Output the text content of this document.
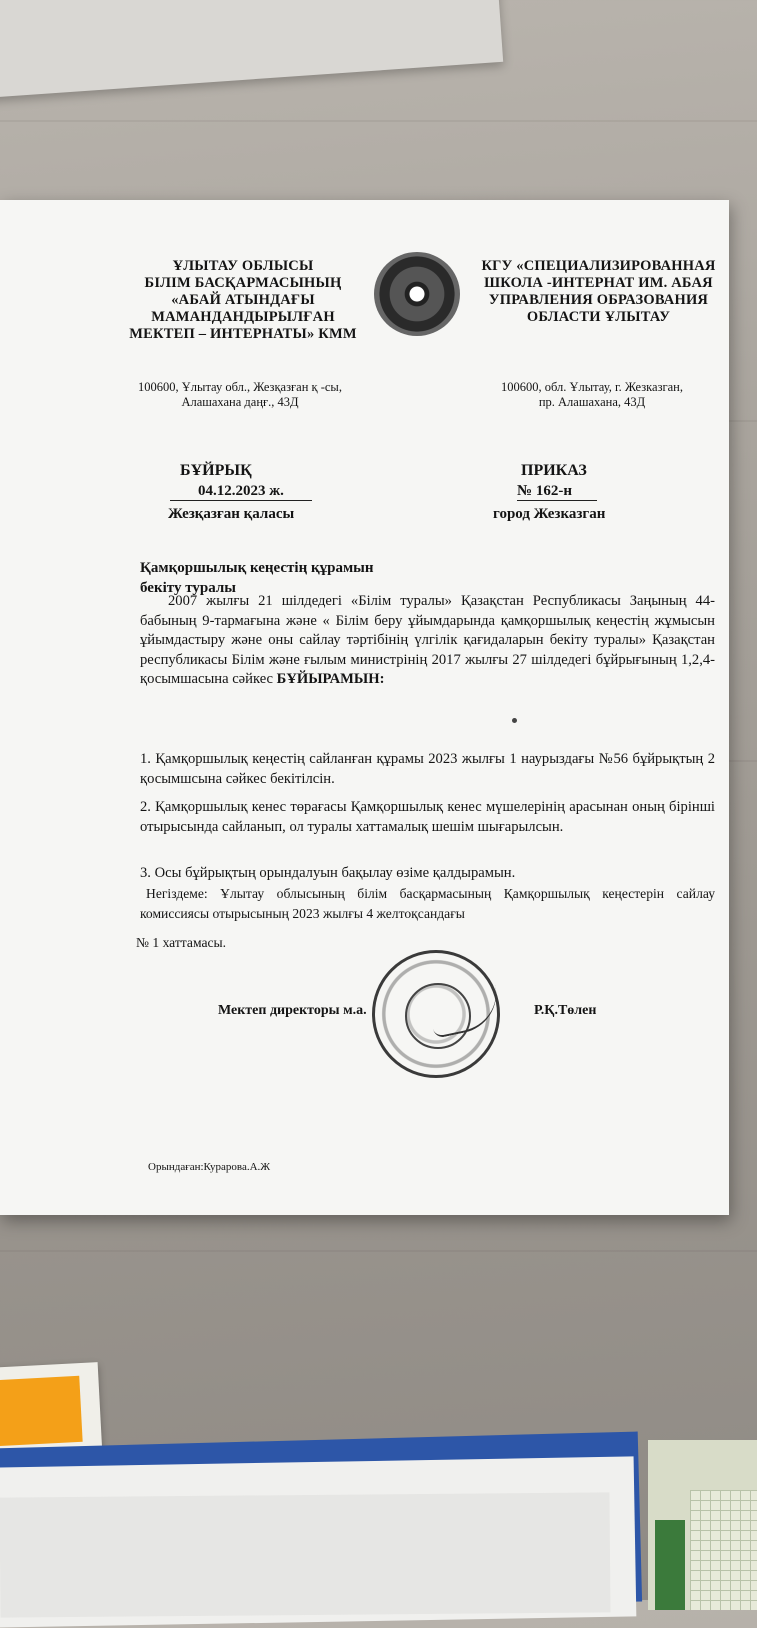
ҰЛЫТАУ ОБЛЫСЫ
БІЛІМ БАСҚАРМАСЫНЫҢ
«АБАЙ АТЫНДАҒЫ
МАМАНДАНДЫРЫЛҒАН
МЕКТЕП – ИНТЕРНАТЫ» КММ
КГУ «СПЕЦИАЛИЗИРОВАННАЯ
ШКОЛА -ИНТЕРНАТ ИМ. АБАЯ
УПРАВЛЕНИЯ ОБРАЗОВАНИЯ
ОБЛАСТИ ҰЛЫТАУ
100600, Ұлытау обл., Жезқазған қ -сы,
Алашахана даңғ., 43Д
100600, обл. Ұлытау, г. Жезказган,
пр. Алашахана, 43Д
БҰЙРЫҚ
04.12.2023 ж.
Жезқазған қаласы
ПРИКАЗ
№ 162-н
город Жезказган
Қамқоршылық кеңестің құрамын
бекіту туралы
2007 жылғы 21 шілдедегі «Білім туралы» Қазақстан Республикасы Заңының 44-бабының 9-тармағына және « Білім беру ұйымдарында қамқоршылық кеңестің жұмысын ұйымдастыру және оны сайлау тәртібінің үлгілік қағидаларын бекіту туралы» Қазақстан республикасы Білім және ғылым министрінің 2017 жылғы 27 шілдедегі бұйрығының 1,2,4-қосымшасына сәйкес БҰЙЫРАМЫН:
1. Қамқоршылық кеңестің сайланған құрамы 2023 жылғы 1 наурыздағы №56 бұйрықтың 2 қосымшсына сәйкес бекітілсін.
2. Қамқоршылық кенес төрағасы Қамқоршылық кенес мүшелерінің арасынан оның бірінші отырысында сайланып, ол туралы хаттамалық шешім шығарылсын.
3. Осы бұйрықтың орындалуын бақылау өзіме қалдырамын.
Негіздеме: Ұлытау облысының білім басқармасының Қамқоршылық кеңестерін сайлау комиссиясы отырысының 2023 жылғы 4 желтоқсандағы
№ 1 хаттамасы.
Мектеп директоры м.а.	Р.Қ.Төлен
Орындаған:Курарова.А.Ж
